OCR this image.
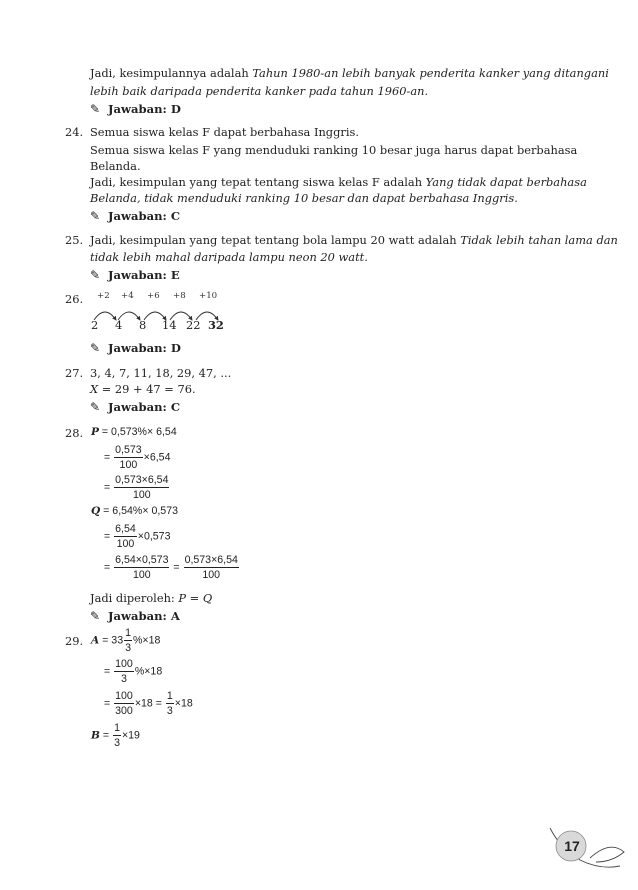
Jadi, kesimpulannya adalah Tahun 1980-an lebih banyak penderita kanker yang ditangani
lebih baik daripada penderita kanker pada tahun 1960-an.
✎ Jawaban: D
24. Semua siswa kelas F dapat berbahasa Inggris.
Semua siswa kelas F yang menduduki ranking 10 besar juga harus dapat berbahasa
Belanda.
Jadi, kesimpulan yang tepat tentang siswa kelas F adalah Yang tidak dapat berbahasa
Belanda, tidak menduduki ranking 10 besar dan dapat berbahasa Inggris.
✎ Jawaban: C
25. Jadi, kesimpulan yang tepat tentang bola lampu 20 watt adalah Tidak lebih tahan lama dan
tidak lebih mahal daripada lampu neon 20 watt.
✎ Jawaban: E
26. +2 +4 +6 +8 +10
2 4 8 14 22 32
✎ Jawaban: D
27. 3, 4, 7, 11, 18, 29, 47, ...
X = 29 + 47 = 76.
✎ Jawaban: C
28. P = 0,573%× 6,54
= $\frac{0,573}{100} \times 6,54$
= $\frac{0,573\times 6,54}{100}$
Q = 6,54%× 0,573
= $\frac{6,54}{100} \times 0,573$
= $\frac{6,54\times 0,573}{100} = \frac{0,573\times 6,54}{100}$
Jadi diperoleh: P = Q
✎ Jawaban: A
29. $A = 33 \frac{1}{3} \%\times 18$
= $\frac{100}{3} \%\times 18$
= $\frac{100}{300} \times 18 = \frac{1}{3} \times 18$
$B = \frac{1}{3} \times 19$
17
